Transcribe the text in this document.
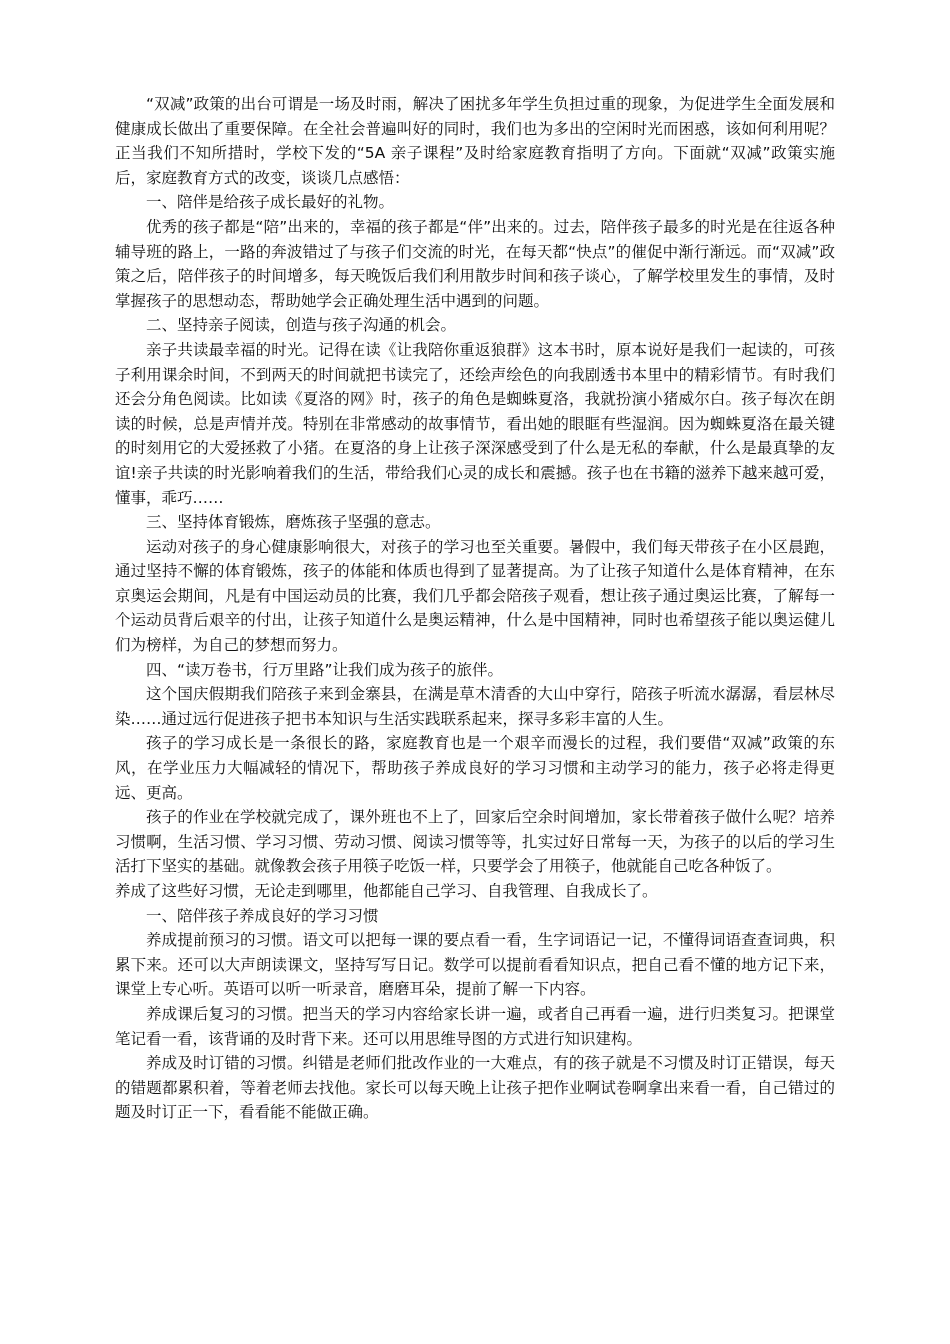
“双减”政策的出台可谓是一场及时雨，解决了困扰多年学生负担过重的现象，为促进学生全面发展和健康成长做出了重要保障。在全社会普遍叫好的同时，我们也为多出的空闲时光而困惑，该如何利用呢？正当我们不知所措时，学校下发的“5A 亲子课程”及时给家庭教育指明了方向。下面就“双减”政策实施后，家庭教育方式的改变，谈谈几点感悟：

一、陪伴是给孩子成长最好的礼物。

优秀的孩子都是“陪”出来的，幸福的孩子都是“伴”出来的。过去，陪伴孩子最多的时光是在往返各种辅导班的路上，一路的奔波错过了与孩子们交流的时光，在每天都“快点”的催促中渐行渐远。而“双减”政策之后，陪伴孩子的时间增多，每天晚饭后我们利用散步时间和孩子谈心，了解学校里发生的事情，及时掌握孩子的思想动态，帮助她学会正确处理生活中遇到的问题。

二、坚持亲子阅读，创造与孩子沟通的机会。

亲子共读最幸福的时光。记得在读《让我陪你重返狼群》这本书时，原本说好是我们一起读的，可孩子利用课余时间，不到两天的时间就把书读完了，还绘声绘色的向我剧透书本里中的精彩情节。有时我们还会分角色阅读。比如读《夏洛的网》时，孩子的角色是蜘蛛夏洛，我就扮演小猪威尔白。孩子每次在朗读的时候，总是声情并茂。特别在非常感动的故事情节，看出她的眼眶有些湿润。因为蜘蛛夏洛在最关键的时刻用它的大爱拯救了小猪。在夏洛的身上让孩子深深感受到了什么是无私的奉献，什么是最真挚的友谊!亲子共读的时光影响着我们的生活，带给我们心灵的成长和震撼。孩子也在书籍的滋养下越来越可爱，懂事，乖巧……

三、坚持体育锻炼，磨炼孩子坚强的意志。

运动对孩子的身心健康影响很大，对孩子的学习也至关重要。暑假中，我们每天带孩子在小区晨跑，通过坚持不懈的体育锻炼，孩子的体能和体质也得到了显著提高。为了让孩子知道什么是体育精神，在东京奥运会期间，凡是有中国运动员的比赛，我们几乎都会陪孩子观看，想让孩子通过奥运比赛，了解每一个运动员背后艰辛的付出，让孩子知道什么是奥运精神，什么是中国精神，同时也希望孩子能以奥运健儿们为榜样，为自己的梦想而努力。

四、“读万卷书，行万里路”让我们成为孩子的旅伴。

这个国庆假期我们陪孩子来到金寨县，在满是草木清香的大山中穿行，陪孩子听流水潺潺，看层林尽染……通过远行促进孩子把书本知识与生活实践联系起来，探寻多彩丰富的人生。

孩子的学习成长是一条很长的路，家庭教育也是一个艰辛而漫长的过程，我们要借“双减”政策的东风，在学业压力大幅减轻的情况下，帮助孩子养成良好的学习习惯和主动学习的能力，孩子必将走得更远、更高。

孩子的作业在学校就完成了，课外班也不上了，回家后空余时间增加，家长带着孩子做什么呢？培养习惯啊，生活习惯、学习习惯、劳动习惯、阅读习惯等等，扎实过好日常每一天，为孩子的以后的学习生活打下坚实的基础。就像教会孩子用筷子吃饭一样，只要学会了用筷子，他就能自己吃各种饭了。

养成了这些好习惯，无论走到哪里，他都能自己学习、自我管理、自我成长了。

一、陪伴孩子养成良好的学习习惯

养成提前预习的习惯。语文可以把每一课的要点看一看，生字词语记一记，不懂得词语查查词典，积累下来。还可以大声朗读课文，坚持写写日记。数学可以提前看看知识点，把自己看不懂的地方记下来，课堂上专心听。英语可以听一听录音，磨磨耳朵，提前了解一下内容。

养成课后复习的习惯。把当天的学习内容给家长讲一遍，或者自己再看一遍，进行归类复习。把课堂笔记看一看，该背诵的及时背下来。还可以用思维导图的方式进行知识建构。

养成及时订错的习惯。纠错是老师们批改作业的一大难点，有的孩子就是不习惯及时订正错误，每天的错题都累积着，等着老师去找他。家长可以每天晚上让孩子把作业啊试卷啊拿出来看一看，自己错过的题及时订正一下，看看能不能做正确。
